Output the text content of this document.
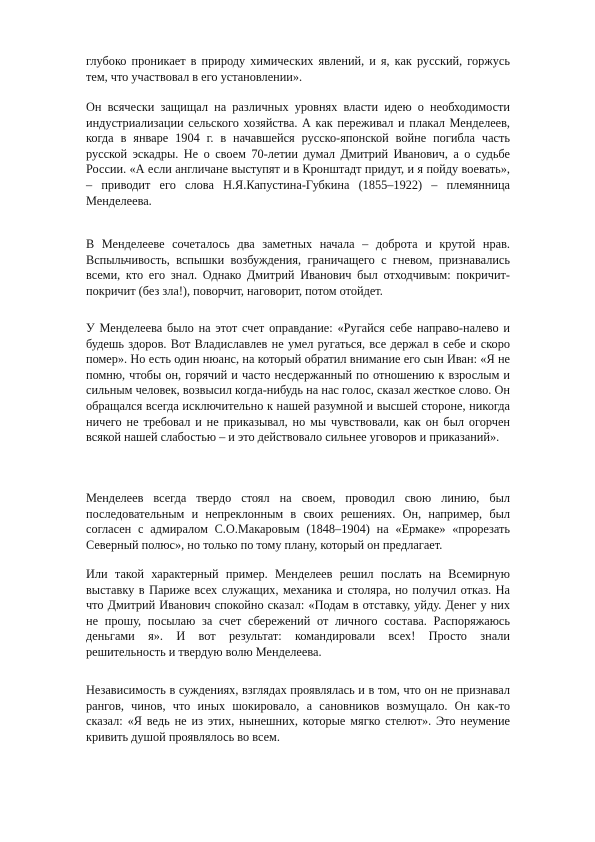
глубоко проникает в природу химических явлений, и я, как русский, горжусь тем, что участвовал в его установлении».

Он всячески защищал на различных уровнях власти идею о необходимости индустриализации сельского хозяйства. А как переживал и плакал Менделеев, когда в январе 1904 г. в начавшейся русско-японской войне погибла часть русской эскадры. Не о своем 70-летии думал Дмитрий Иванович, а о судьбе России. «А если англичане выступят и в Кронштадт придут, и я пойду воевать», – приводит его слова Н.Я.Капустина-Губкина (1855–1922) – племянница Менделеева.

В Менделееве сочеталось два заметных начала – доброта и крутой нрав. Вспыльчивость, вспышки возбуждения, граничащего с гневом, признавались всеми, кто его знал. Однако Дмитрий Иванович был отходчивым: покричит-покричит (без зла!), поворчит, наговорит, потом отойдет.

У Менделеева было на этот счет оправдание: «Ругайся себе направо-налево и будешь здоров. Вот Владиславлев не умел ругаться, все держал в себе и скоро помер». Но есть один нюанс, на который обратил внимание его сын Иван: «Я не помню, чтобы он, горячий и часто несдержанный по отношению к взрослым и сильным человек, возвысил когда-нибудь на нас голос, сказал жесткое слово. Он обращался всегда исключительно к нашей разумной и высшей стороне, никогда ничего не требовал и не приказывал, но мы чувствовали, как он был огорчен всякой нашей слабостью – и это действовало сильнее уговоров и приказаний».

Менделеев всегда твердо стоял на своем, проводил свою линию, был последовательным и непреклонным в своих решениях. Он, например, был согласен с адмиралом С.О.Макаровым (1848–1904) на «Ермаке» «прорезать Северный полюс», но только по тому плану, который он предлагает.

Или такой характерный пример. Менделеев решил послать на Всемирную выставку в Париже всех служащих, механика и столяра, но получил отказ. На что Дмитрий Иванович спокойно сказал: «Подам в отставку, уйду. Денег у них не прошу, посылаю за счет сбережений от личного состава. Распоряжаюсь деньгами я». И вот результат: командировали всех! Просто знали решительность и твердую волю Менделеева.

Независимость в суждениях, взглядах проявлялась и в том, что он не признавал рангов, чинов, что иных шокировало, а сановников возмущало. Он как-то сказал: «Я ведь не из этих, нынешних, которые мягко стелют». Это неумение кривить душой проявлялось во всем.
